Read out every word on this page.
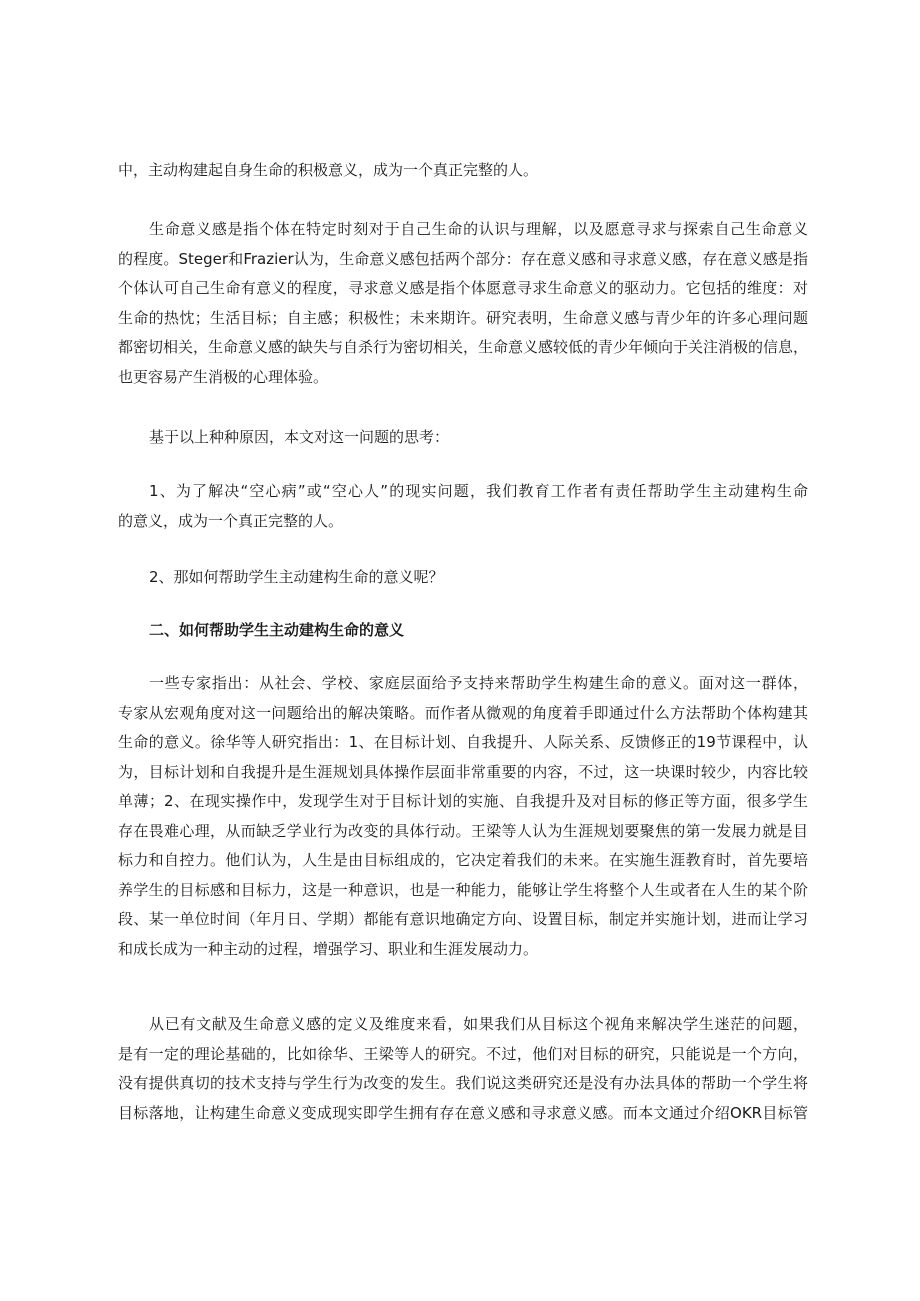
中，主动构建起自身生命的积极意义，成为一个真正完整的人。
生命意义感是指个体在特定时刻对于自己生命的认识与理解，以及愿意寻求与探索自己生命意义
的程度。Steger和Frazier认为，生命意义感包括两个部分：存在意义感和寻求意义感，存在意义感是指
个体认可自己生命有意义的程度，寻求意义感是指个体愿意寻求生命意义的驱动力。它包括的维度：对
生命的热忱；生活目标；自主感；积极性；未来期许。研究表明，生命意义感与青少年的许多心理问题
都密切相关，生命意义感的缺失与自杀行为密切相关，生命意义感较低的青少年倾向于关注消极的信息，
也更容易产生消极的心理体验。
基于以上种种原因，本文对这一问题的思考：
1、为了解决“空心病”或“空心人”的现实问题，我们教育工作者有责任帮助学生主动建构生命
的意义，成为一个真正完整的人。
2、那如何帮助学生主动建构生命的意义呢？
二、如何帮助学生主动建构生命的意义
一些专家指出：从社会、学校、家庭层面给予支持来帮助学生构建生命的意义。面对这一群体，
专家从宏观角度对这一问题给出的解决策略。而作者从微观的角度着手即通过什么方法帮助个体构建其
生命的意义。徐华等人研究指出：1、在目标计划、自我提升、人际关系、反馈修正的19节课程中，认
为，目标计划和自我提升是生涯规划具体操作层面非常重要的内容，不过，这一块课时较少，内容比较
单薄；2、在现实操作中，发现学生对于目标计划的实施、自我提升及对目标的修正等方面，很多学生
存在畏难心理，从而缺乏学业行为改变的具体行动。王梁等人认为生涯规划要聚焦的第一发展力就是目
标力和自控力。他们认为，人生是由目标组成的，它决定着我们的未来。在实施生涯教育时，首先要培
养学生的目标感和目标力，这是一种意识，也是一种能力，能够让学生将整个人生或者在人生的某个阶
段、某一单位时间（年月日、学期）都能有意识地确定方向、设置目标，制定并实施计划，进而让学习
和成长成为一种主动的过程，增强学习、职业和生涯发展动力。
从已有文献及生命意义感的定义及维度来看，如果我们从目标这个视角来解决学生迷茫的问题，
是有一定的理论基础的，比如徐华、王梁等人的研究。不过，他们对目标的研究，只能说是一个方向，
没有提供真切的技术支持与学生行为改变的发生。我们说这类研究还是没有办法具体的帮助一个学生将
目标落地，让构建生命意义变成现实即学生拥有存在意义感和寻求意义感。而本文通过介绍OKR目标管
